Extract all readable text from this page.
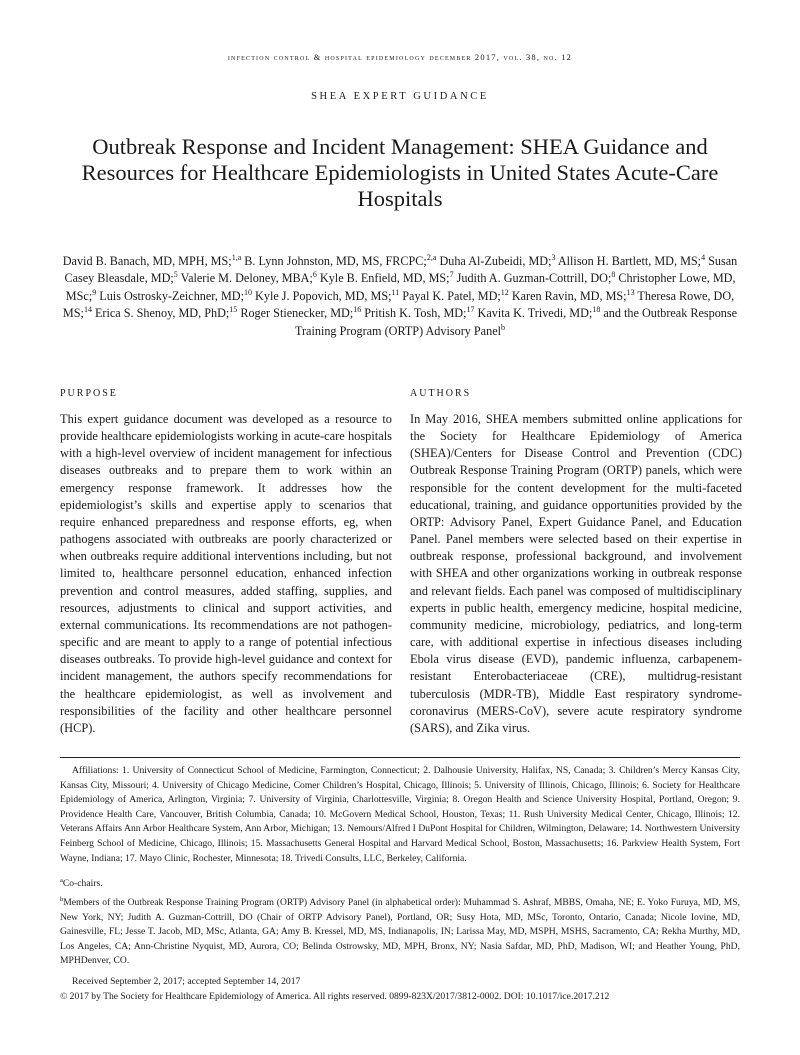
infection control & hospital epidemiology december 2017, vol. 38, no. 12
SHEA EXPERT GUIDANCE
Outbreak Response and Incident Management: SHEA Guidance and Resources for Healthcare Epidemiologists in United States Acute-Care Hospitals
David B. Banach, MD, MPH, MS;$^{1,a}$ B. Lynn Johnston, MD, MS, FRCPC;$^{2,a}$ Duha Al-Zubeidi, MD;$^3$ Allison H. Bartlett, MD, MS;$^4$ Susan Casey Bleasdale, MD;$^5$ Valerie M. Deloney, MBA;$^6$ Kyle B. Enfield, MD, MS;$^7$ Judith A. Guzman-Cottrill, DO;$^8$ Christopher Lowe, MD, MSc;$^9$ Luis Ostrosky-Zeichner, MD;$^{10}$ Kyle J. Popovich, MD, MS;$^{11}$ Payal K. Patel, MD;$^{12}$ Karen Ravin, MD, MS;$^{13}$ Theresa Rowe, DO, MS;$^{14}$ Erica S. Shenoy, MD, PhD;$^{15}$ Roger Stienecker, MD;$^{16}$ Pritish K. Tosh, MD;$^{17}$ Kavita K. Trivedi, MD;$^{18}$ and the Outbreak Response Training Program (ORTP) Advisory Panel$^b$
PURPOSE

This expert guidance document was developed as a resource to provide healthcare epidemiologists working in acute-care hospitals with a high-level overview of incident management for infectious diseases outbreaks and to prepare them to work within an emergency response framework. It addresses how the epidemiologist’s skills and expertise apply to scenarios that require enhanced preparedness and response efforts, eg, when pathogens associated with outbreaks are poorly characterized or when outbreaks require additional interventions including, but not limited to, healthcare personnel education, enhanced infection prevention and control measures, added staffing, supplies, and resources, adjustments to clinical and support activities, and external communications. Its recommendations are not pathogen-specific and are meant to apply to a range of potential infectious diseases outbreaks. To provide high-level guidance and context for incident management, the authors specify recommendations for the healthcare epidemiologist, as well as involvement and responsibilities of the facility and other healthcare personnel (HCP).

AUTHORS

In May 2016, SHEA members submitted online applications for the Society for Healthcare Epidemiology of America (SHEA)/Centers for Disease Control and Prevention (CDC) Outbreak Response Training Program (ORTP) panels, which were responsible for the content development for the multi-faceted educational, training, and guidance opportunities provided by the ORTP: Advisory Panel, Expert Guidance Panel, and Education Panel. Panel members were selected based on their expertise in outbreak response, professional background, and involvement with SHEA and other organizations working in outbreak response and relevant fields. Each panel was composed of multidisciplinary experts in public health, emergency medicine, hospital medicine, community medicine, microbiology, pediatrics, and long-term care, with additional expertise in infectious diseases including Ebola virus disease (EVD), pandemic influenza, carbapenem-resistant Enterobacteriaceae (CRE), multidrug-resistant tuberculosis (MDR-TB), Middle East respiratory syndrome-coronavirus (MERS-CoV), severe acute respiratory syndrome (SARS), and Zika virus.

Affiliations: 1. University of Connecticut School of Medicine, Farmington, Connecticut; 2. Dalhousie University, Halifax, NS, Canada; 3. Children’s Mercy Kansas City, Kansas City, Missouri; 4. University of Chicago Medicine, Comer Children’s Hospital, Chicago, Illinois; 5. University of Illinois, Chicago, Illinois; 6. Society for Healthcare Epidemiology of America, Arlington, Virginia; 7. University of Virginia, Charlottesville, Virginia; 8. Oregon Health and Science University Hospital, Portland, Oregon; 9. Providence Health Care, Vancouver, British Columbia, Canada; 10. McGovern Medical School, Houston, Texas; 11. Rush University Medical Center, Chicago, Illinois; 12. Veterans Affairs Ann Arbor Healthcare System, Ann Arbor, Michigan; 13. Nemours/Alfred I DuPont Hospital for Children, Wilmington, Delaware; 14. Northwestern University Feinberg School of Medicine, Chicago, Illinois; 15. Massachusetts General Hospital and Harvard Medical School, Boston, Massachusetts; 16. Parkview Health System, Fort Wayne, Indiana; 17. Mayo Clinic, Rochester, Minnesota; 18. Trivedi Consults, LLC, Berkeley, California.
$^a$Co-chairs.
$^b$Members of the Outbreak Response Training Program (ORTP) Advisory Panel (in alphabetical order): Muhammad S. Ashraf, MBBS, Omaha, NE; E. Yoko Furuya, MD, MS, New York, NY; Judith A. Guzman-Cottrill, DO (Chair of ORTP Advisory Panel), Portland, OR; Susy Hota, MD, MSc, Toronto, Ontario, Canada; Nicole Iovine, MD, Gainesville, FL; Jesse T. Jacob, MD, MSc, Atlanta, GA; Amy B. Kressel, MD, MS, Indianapolis, IN; Larissa May, MD, MSPH, MSHS, Sacramento, CA; Rekha Murthy, MD, Los Angeles, CA; Ann-Christine Nyquist, MD, Aurora, CO; Belinda Ostrowsky, MD, MPH, Bronx, NY; Nasia Safdar, MD, PhD, Madison, WI; and Heather Young, PhD, MPHDenver, CO.
Received September 2, 2017; accepted September 14, 2017
© 2017 by The Society for Healthcare Epidemiology of America. All rights reserved. 0899-823X/2017/3812-0002. DOI: 10.1017/ice.2017.212
